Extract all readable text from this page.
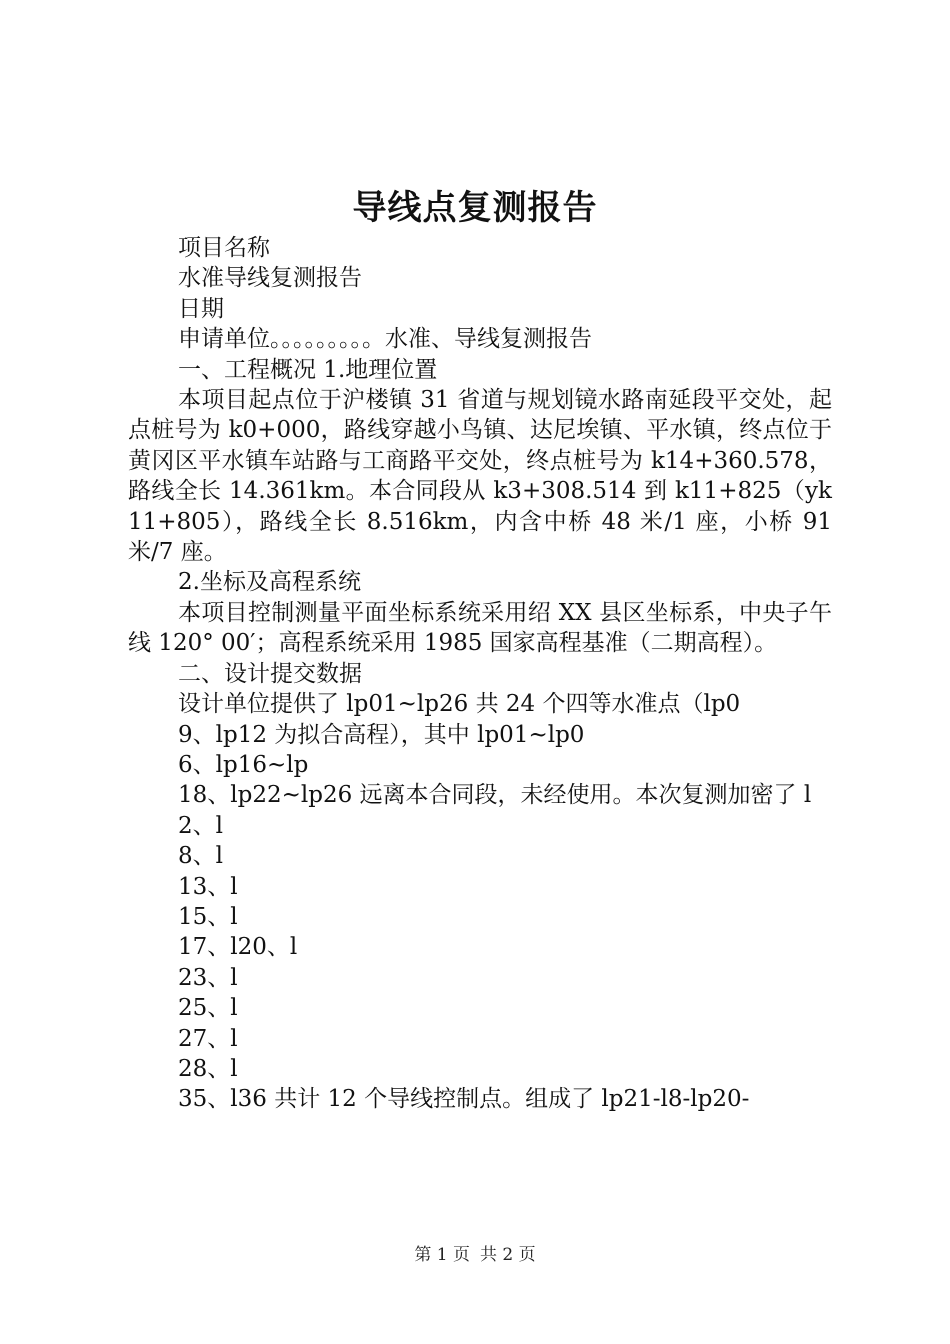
导线点复测报告

项目名称

水准导线复测报告

日期

申请单位。。。。。。。。。水准、导线复测报告

一、工程概况 1.地理位置

本项目起点位于沪楼镇 31 省道与规划镜水路南延段平交处，起点桩号为 k0+000，路线穿越小鸟镇、达尼埃镇、平水镇，终点位于黄冈区平水镇车站路与工商路平交处，终点桩号为 k14+360.578，路线全长 14.361km。本合同段从 k3+308.514 到 k11+825（yk11+805），路线全长 8.516km，内含中桥 48 米/1 座，小桥 91 米/7 座。

2.坐标及高程系统

本项目控制测量平面坐标系统采用绍 XX 县区坐标系，中央子午线 120° 00′；高程系统采用 1985 国家高程基准（二期高程）。

二、设计提交数据

设计单位提供了 lp01~lp26 共 24 个四等水准点（lp0

9、lp12 为拟合高程），其中 lp01~lp0

6、lp16~lp

18、lp22~lp26 远离本合同段，未经使用。本次复测加密了 l

2、l

8、l

13、l

15、l

17、l20、l

23、l

25、l

27、l

28、l

35、l36 共计 12 个导线控制点。组成了 lp21-l8-lp20-

第 1 页 共 2 页
